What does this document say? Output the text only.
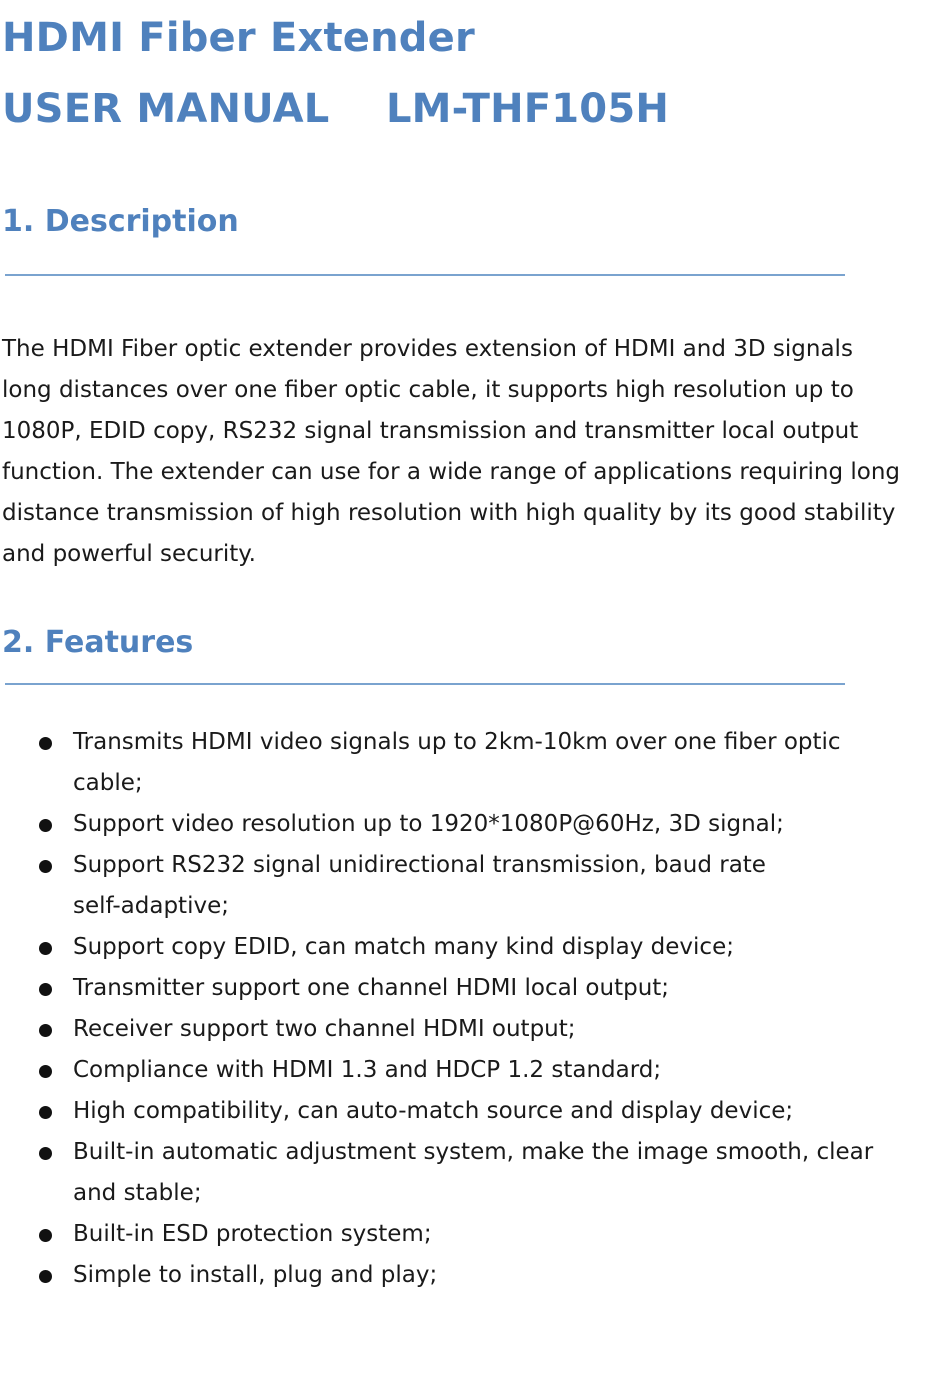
HDMI Fiber Extender
USER MANUAL    LM-THF105H
1. Description

The HDMI Fiber optic extender provides extension of HDMI and 3D signals
long distances over one fiber optic cable, it supports high resolution up to
1080P, EDID copy, RS232 signal transmission and transmitter local output
function. The extender can use for a wide range of applications requiring long
distance transmission of high resolution with high quality by its good stability
and powerful security.

2. Features
Transmits HDMI video signals up to 2km-10km over one fiber optic
cable;
Support video resolution up to 1920*1080P@60Hz, 3D signal;
Support RS232 signal unidirectional transmission, baud rate
self-adaptive;
Support copy EDID, can match many kind display device;
Transmitter support one channel HDMI local output;
Receiver support two channel HDMI output;
Compliance with HDMI 1.3 and HDCP 1.2 standard;
High compatibility, can auto-match source and display device;
Built-in automatic adjustment system, make the image smooth, clear
and stable;
Built-in ESD protection system;
Simple to install, plug and play;
